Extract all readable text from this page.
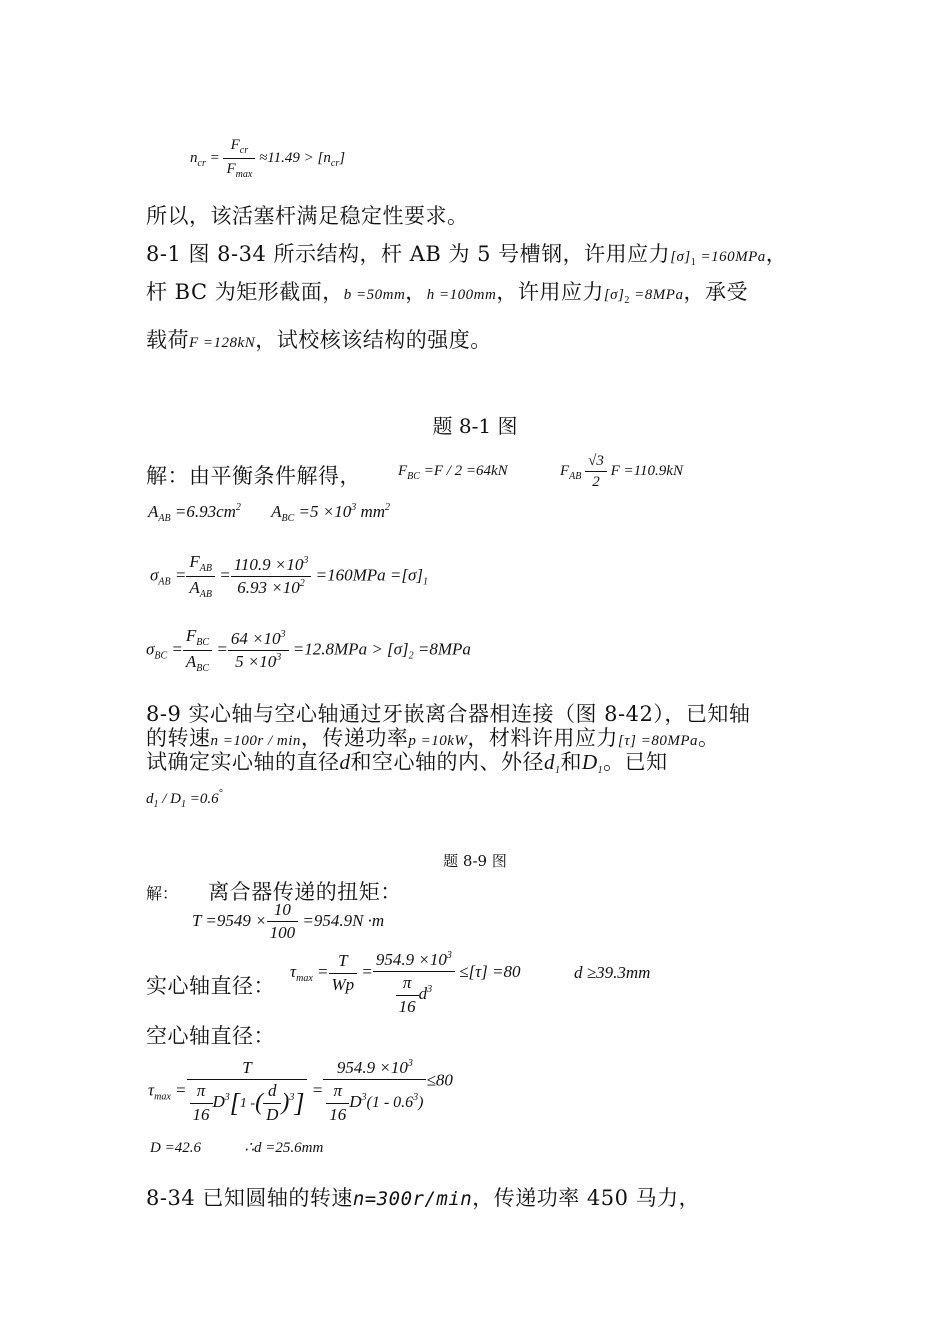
$n_{cr} = \frac{F_{cr}}{F_{max}} \approx 11.49 > [n_{cr}]$
所以，该活塞杆满足稳定性要求。
8-1 图 8-34 所示结构，杆 AB 为 5 号槽钢，许用应力$[\sigma]_1 =160MPa$，
杆 BC 为矩形截面，b =50mm，h =100mm，许用应力$[\sigma]_2 =8MPa$，承受
载荷F =128kN，试校核该结构的强度。
题 8-1 图
解：由平衡条件解得， $F_{BC} =F / 2 =64kN$	$F_{AB} \frac{√3}{2}$ F =110.9kN
$A_{AB} =6.93cm^2$ $A_{BC} =5 \times 10^3$ $mm^2$
$\sigma_{AB} = \frac{F_{AB}}{A_{AB}} = \frac{110.9 \times 10^3}{6.93 \times 10^2} =160MPa =[\sigma]_1$
$\sigma_{BC} = \frac{F_{BC}}{A_{BC}} = \frac{64 \times 10^3}{5 \times 10^3} =12.8MPa > [\sigma]_2 =8MPa$
8-9 实心轴与空心轴通过牙嵌离合器相连接（图 8-42），已知轴
的转速n =100r / min，传递功率p =10kW，材料许用应力[τ] =80MPa。
试确定实心轴的直径d和空心轴的内、外径$d_1$和$D_1$。已知
$d_1 / D_1 =0.6^\circ$
题 8-9 图
解： 离合器传递的扭矩：
$T =9549 \times \frac{10}{100} =954.9N \cdot m$
实心轴直径：
$\tau_{max} = \frac{T}{Wp} = \frac{954.9 \times 10^3}{\frac{\pi}{16} d^3} \le[\tau] =80$	d ≥39.3mm
空心轴直径：
$\tau_{max} = \frac{T}{\frac{\pi}{16} D^3[1 -( \frac{d}{D} )^3]} = \frac{954.9 \times 10^3}{\frac{\pi}{16} D^3(1 - 0.6^3)} \le 80$
D =42.6	∴d =25.6mm
8-34 已知圆轴的转速n=300r/min，传递功率 450 马力，
